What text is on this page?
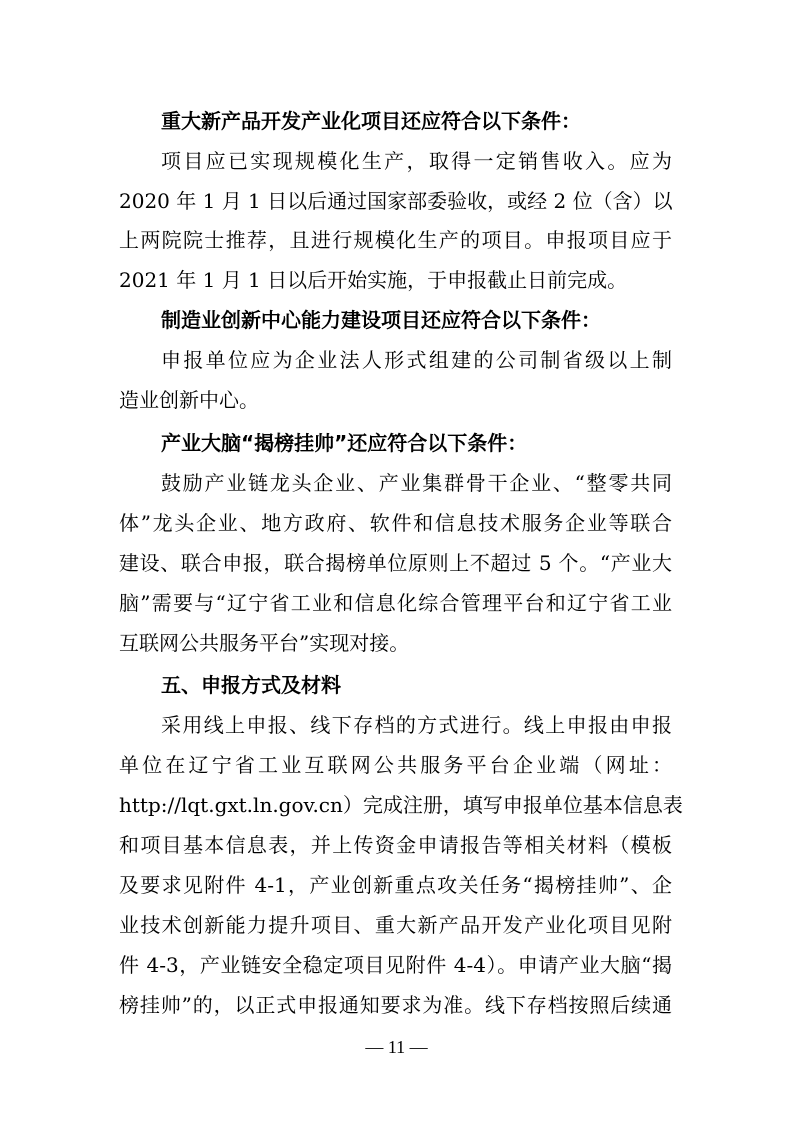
重大新产品开发产业化项目还应符合以下条件：
项目应已实现规模化生产，取得一定销售收入。应为
2020 年 1 月 1 日以后通过国家部委验收，或经 2 位（含）以
上两院院士推荐，且进行规模化生产的项目。申报项目应于
2021 年 1 月 1 日以后开始实施，于申报截止日前完成。
制造业创新中心能力建设项目还应符合以下条件：
申报单位应为企业法人形式组建的公司制省级以上制
造业创新中心。
产业大脑“揭榜挂帅”还应符合以下条件：
鼓励产业链龙头企业、产业集群骨干企业、“整零共同
体”龙头企业、地方政府、软件和信息技术服务企业等联合
建设、联合申报，联合揭榜单位原则上不超过 5 个。“产业大
脑”需要与“辽宁省工业和信息化综合管理平台和辽宁省工业
互联网公共服务平台”实现对接。
五、申报方式及材料
采用线上申报、线下存档的方式进行。线上申报由申报
单位在辽宁省工业互联网公共服务平台企业端（网址：
http://lqt.gxt.ln.gov.cn）完成注册，填写申报单位基本信息表
和项目基本信息表，并上传资金申请报告等相关材料（模板
及要求见附件 4-1，产业创新重点攻关任务“揭榜挂帅”、企
业技术创新能力提升项目、重大新产品开发产业化项目见附
件 4-3，产业链安全稳定项目见附件 4-4）。申请产业大脑“揭
榜挂帅”的，以正式申报通知要求为准。线下存档按照后续通
— 11 —
